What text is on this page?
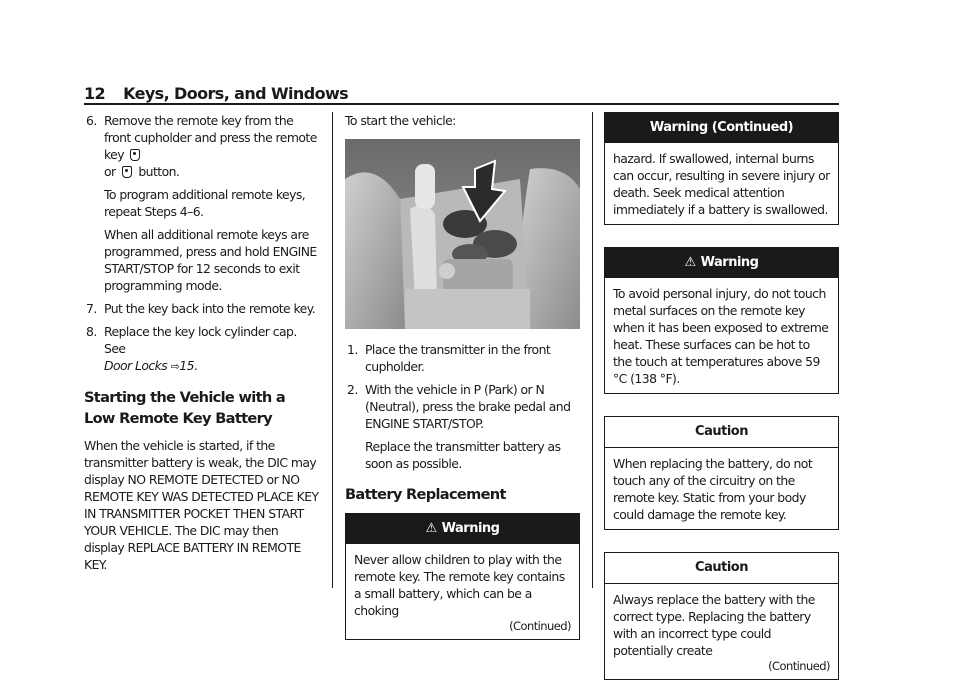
12 Keys, Doors, and Windows
6. Remove the remote key from the front cupholder and press the remote key
or button.
To program additional remote keys, repeat Steps 4–6.
When all additional remote keys are programmed, press and hold ENGINE START/STOP for 12 seconds to exit programming mode.
7. Put the key back into the remote key.
8. Replace the key lock cylinder cap. See
Door Locks ⇨15.
Starting the Vehicle with a Low Remote Key Battery

When the vehicle is started, if the transmitter battery is weak, the DIC may display NO REMOTE DETECTED or NO REMOTE KEY WAS DETECTED PLACE KEY IN TRANSMITTER POCKET THEN START YOUR VEHICLE. The DIC may then display REPLACE BATTERY IN REMOTE KEY.

To start the vehicle:

1. Place the transmitter in the front cupholder.
2. With the vehicle in P (Park) or N (Neutral), press the brake pedal and ENGINE START/STOP.
Replace the transmitter battery as soon as possible.
Battery Replacement
⚠ Warning
Never allow children to play with the remote key. The remote key contains a small battery, which can be a choking
(Continued)
Warning (Continued)
hazard. If swallowed, internal burns can occur, resulting in severe injury or death. Seek medical attention immediately if a battery is swallowed.
⚠ Warning
To avoid personal injury, do not touch metal surfaces on the remote key when it has been exposed to extreme heat. These surfaces can be hot to the touch at temperatures above 59 °C (138 °F).
Caution
When replacing the battery, do not touch any of the circuitry on the remote key. Static from your body could damage the remote key.
Caution
Always replace the battery with the correct type. Replacing the battery with an incorrect type could potentially create
(Continued)
